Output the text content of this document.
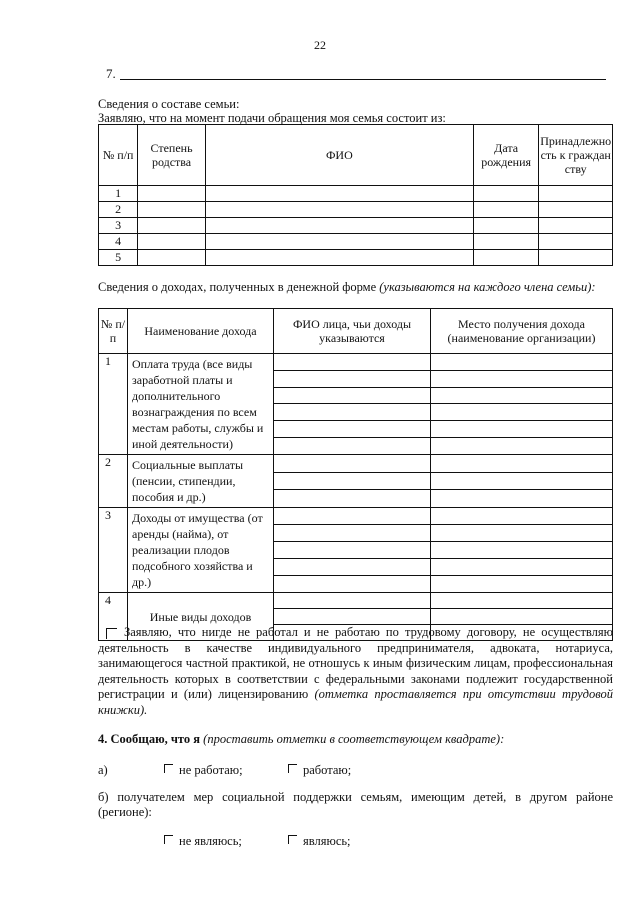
22
7.
Сведения о составе семьи:
Заявляю, что на момент подачи обращения моя семья состоит из:
№ п/п	Степень родства	ФИО	Дата рождения	Принадлежность к гражданству
1				
2				
3				
4				
5				
Сведения о доходах, полученных в денежной форме (указываются на каждого члена семьи):
№ п/п	Наименование дохода	ФИО лица, чьи доходы указываются	Место получения дохода (наименование организации)
1	Оплата труда (все виды заработной платы и дополнительного вознаграждения по всем местам работы, службы и иной деятельности)		

2	Социальные выплаты (пенсии, стипендии, пособия и др.)		

3	Доходы от имущества (от аренды (найма), от реализации плодов подсобного хозяйства и др.)		

4	Иные виды доходов		

Заявляю, что нигде не работал и не работаю по трудовому договору, не осуществляю деятельность в качестве индивидуального предпринимателя, адвоката, нотариуса, занимающегося частной практикой, не отношусь к иным физическим лицам, профессиональная деятельность которых в соответствии с федеральными законами подлежит государственной регистрации и (или) лицензированию (отметка проставляется при отсутствии трудовой книжки).
4. Сообщаю, что я (проставить отметки в соответствующем квадрате):
а)	не работаю;	работаю;
б) получателем мер социальной поддержки семьям, имеющим детей, в другом районе (регионе):
не являюсь;	являюсь;
